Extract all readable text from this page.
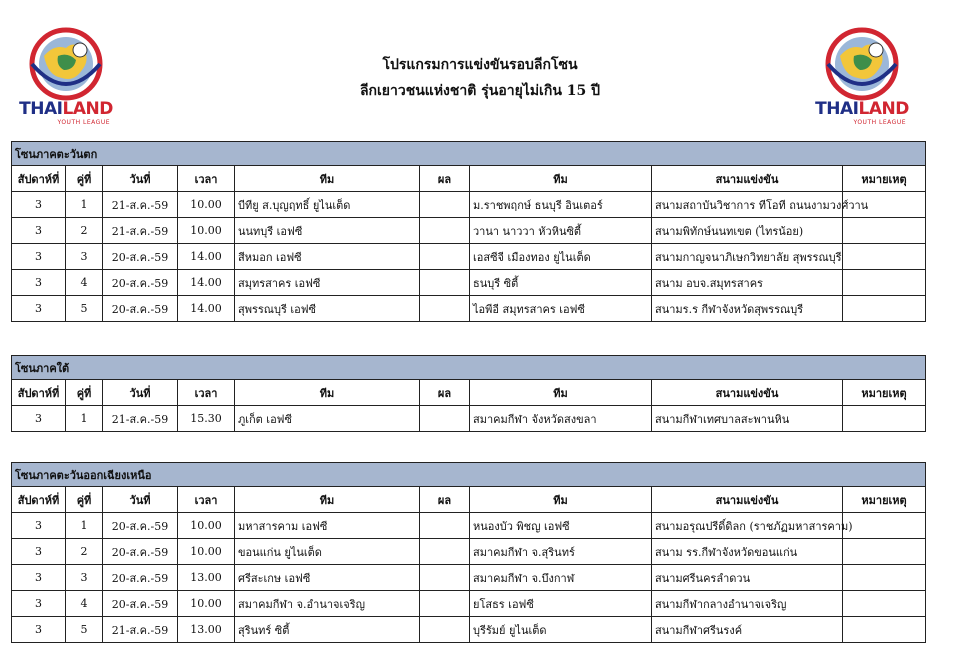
THAILAND
YOUTH LEAGUE
THAILAND
YOUTH LEAGUE
โปรแกรมการแข่งขันรอบลีกโซน
ลีกเยาวชนแห่งชาติ รุ่นอายุไม่เกิน 15 ปี
โซนภาคตะวันตก								
สัปดาห์ที่	คู่ที่	วันที่	เวลา	ทีม	ผล	ทีม	สนามแข่งขัน	หมายเหตุ
3	1	21-ส.ค.-59	10.00	บีทียู ส.บุญฤทธิ์ ยูไนเต็ด		ม.ราชพฤกษ์ ธนบุรี อินเตอร์	สนามสถาบันวิชาการ ทีโอที ถนนงามวงศ์วาน	
3	2	21-ส.ค.-59	10.00	นนทบุรี เอฟซี		วานา นาววา หัวหินซิตี้	สนามพิทักษ์นนทเขต (ไทรน้อย)	
3	3	20-ส.ค.-59	14.00	สีหมอก เอฟซี		เอสซีจี เมืองทอง ยูไนเต็ด	สนามกาญจนาภิเษกวิทยาลัย สุพรรณบุรี	
3	4	20-ส.ค.-59	14.00	สมุทรสาคร เอฟซี		ธนบุรี ซิตี้	สนาม อบจ.สมุทรสาคร	
3	5	20-ส.ค.-59	14.00	สุพรรณบุรี เอฟซี		ไอพีอี สมุทรสาคร เอฟซี	สนามร.ร กีฬาจังหวัดสุพรรณบุรี	
โซนภาคใต้								
สัปดาห์ที่	คู่ที่	วันที่	เวลา	ทีม	ผล	ทีม	สนามแข่งขัน	หมายเหตุ
3	1	21-ส.ค.-59	15.30	ภูเก็ต เอฟซี		สมาคมกีฬา จังหวัดสงขลา	สนามกีฬาเทศบาลสะพานหิน	
โซนภาคตะวันออกเฉียงเหนือ								
สัปดาห์ที่	คู่ที่	วันที่	เวลา	ทีม	ผล	ทีม	สนามแข่งขัน	หมายเหตุ
3	1	20-ส.ค.-59	10.00	มหาสารคาม เอฟซี		หนองบัว พิชญ เอฟซี	สนามอรุณปรีดิ์ดิลก (ราชภัฏมหาสารคาม)	
3	2	20-ส.ค.-59	10.00	ขอนแก่น ยูไนเต็ด		สมาคมกีฬา จ.สุรินทร์	สนาม รร.กีฬาจังหวัดขอนแก่น	
3	3	20-ส.ค.-59	13.00	ศรีสะเกษ เอฟซี		สมาคมกีฬา จ.บึงกาฬ	สนามศรีนครลำดวน	
3	4	20-ส.ค.-59	10.00	สมาคมกีฬา จ.อำนาจเจริญ		ยโสธร เอฟซี	สนามกีฬากลางอำนาจเจริญ	
3	5	21-ส.ค.-59	13.00	สุรินทร์ ซิตี้		บุรีรัมย์ ยูไนเต็ด	สนามกีฬาศรีนรงค์	
